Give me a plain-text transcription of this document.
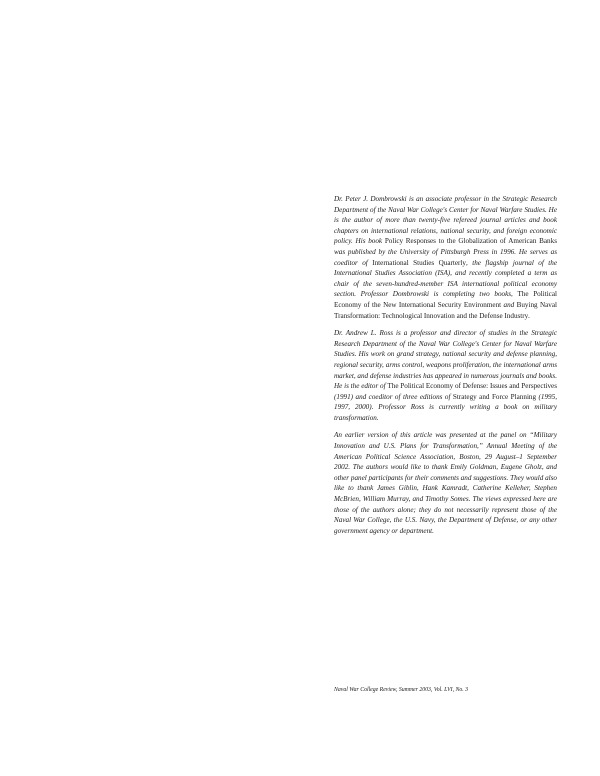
Dr. Peter J. Dombrowski is an associate professor in the Strategic Research Department of the Naval War College's Center for Naval Warfare Studies. He is the author of more than twenty-five refereed journal articles and book chapters on international relations, national security, and foreign economic policy. His book Policy Responses to the Globalization of American Banks was published by the University of Pittsburgh Press in 1996. He serves as coeditor of International Studies Quarterly, the flagship journal of the International Studies Association (ISA), and recently completed a term as chair of the seven-hundred-member ISA international political economy section. Professor Dombrowski is completing two books, The Political Economy of the New International Security Environment and Buying Naval Transformation: Technological Innovation and the Defense Industry.

Dr. Andrew L. Ross is a professor and director of studies in the Strategic Research Department of the Naval War College's Center for Naval Warfare Studies. His work on grand strategy, national security and defense planning, regional security, arms control, weapons proliferation, the international arms market, and defense industries has appeared in numerous journals and books. He is the editor of The Political Economy of Defense: Issues and Perspectives (1991) and coeditor of three editions of Strategy and Force Planning (1995, 1997, 2000). Professor Ross is currently writing a book on military transformation.

An earlier version of this article was presented at the panel on “Military Innovation and U.S. Plans for Transformation,” Annual Meeting of the American Political Science Association, Boston, 29 August–1 September 2002. The authors would like to thank Emily Goldman, Eugene Gholz, and other panel participants for their comments and suggestions. They would also like to thank James Giblin, Hank Kamradt, Catherine Kelleher, Stephen McBrien, William Murray, and Timothy Somes. The views expressed here are those of the authors alone; they do not necessarily represent those of the Naval War College, the U.S. Navy, the Department of Defense, or any other government agency or department.

Naval War College Review, Summer 2003, Vol. LVI, No. 3
